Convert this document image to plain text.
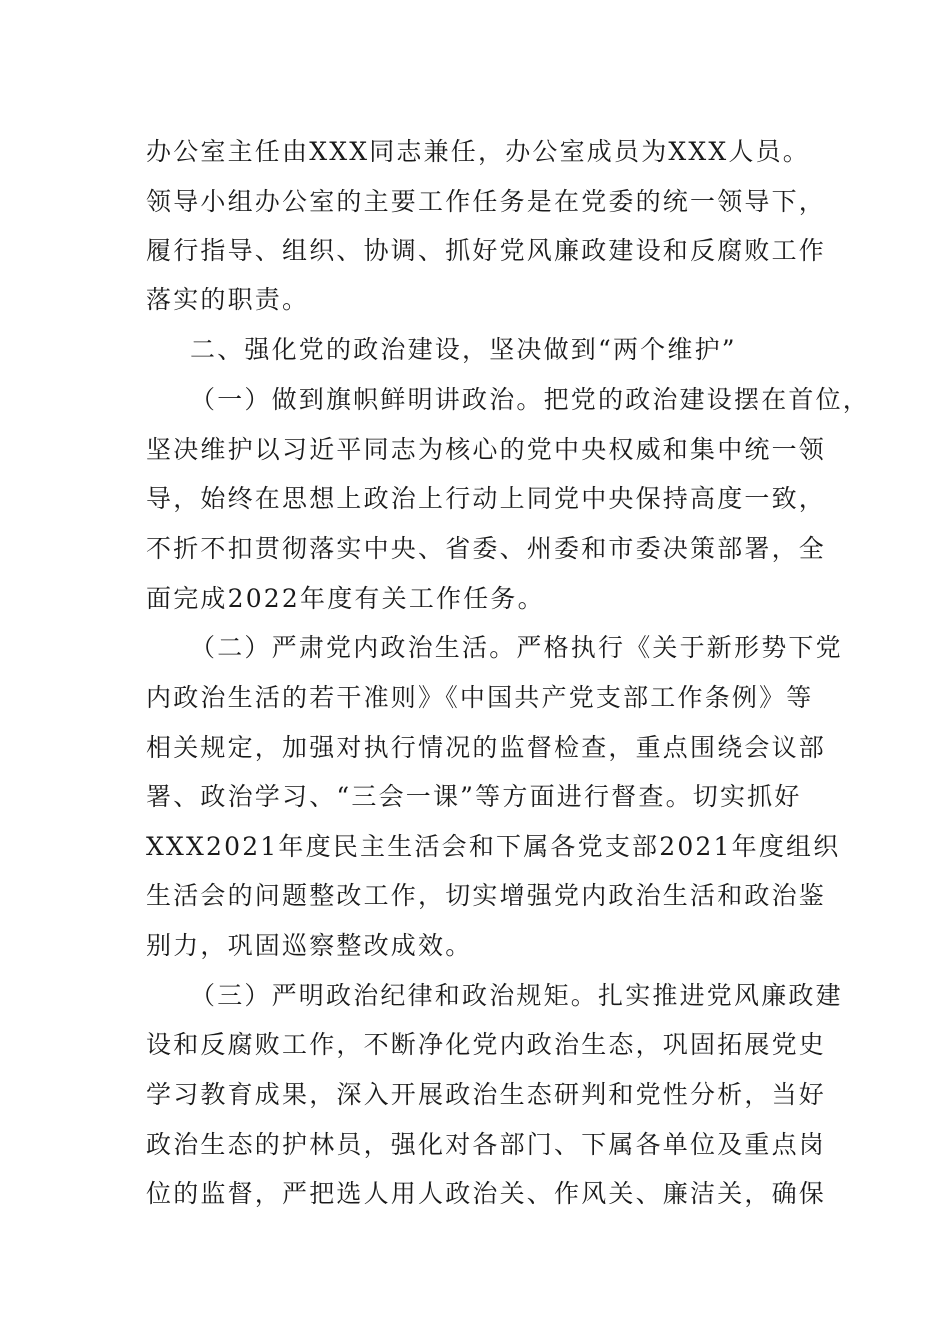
办公室主任由XXX同志兼任，办公室成员为XXX人员。
领导小组办公室的主要工作任务是在党委的统一领导下，
履行指导、组织、协调、抓好党风廉政建设和反腐败工作
落实的职责。
二、强化党的政治建设，坚决做到“两个维护”
（一）做到旗帜鲜明讲政治。把党的政治建设摆在首位，
坚决维护以习近平同志为核心的党中央权威和集中统一领
导，始终在思想上政治上行动上同党中央保持高度一致，
不折不扣贯彻落实中央、省委、州委和市委决策部署，全
面完成2022年度有关工作任务。
（二）严肃党内政治生活。严格执行《关于新形势下党
内政治生活的若干准则》《中国共产党支部工作条例》等
相关规定，加强对执行情况的监督检查，重点围绕会议部
署、政治学习、“三会一课”等方面进行督查。切实抓好
XXX2021年度民主生活会和下属各党支部2021年度组织
生活会的问题整改工作，切实增强党内政治生活和政治鉴
别力，巩固巡察整改成效。
（三）严明政治纪律和政治规矩。扎实推进党风廉政建
设和反腐败工作，不断净化党内政治生态，巩固拓展党史
学习教育成果，深入开展政治生态研判和党性分析，当好
政治生态的护林员，强化对各部门、下属各单位及重点岗
位的监督，严把选人用人政治关、作风关、廉洁关，确保
